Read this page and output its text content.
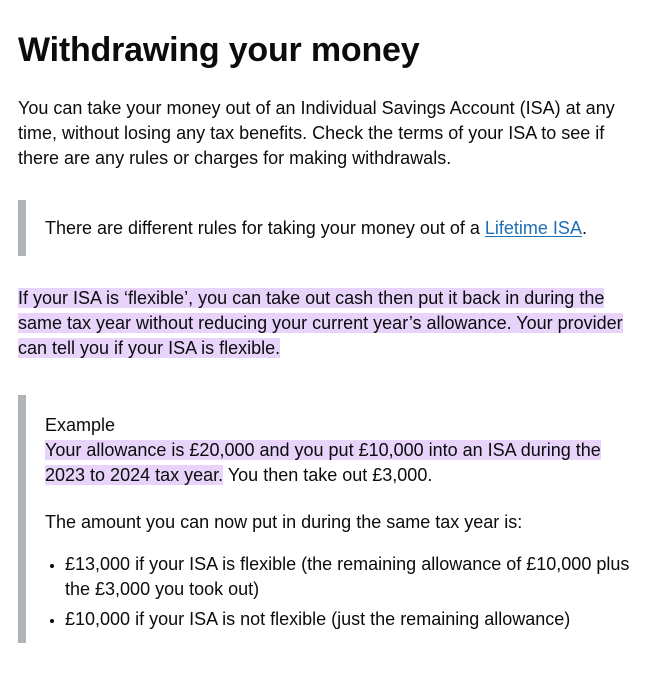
Withdrawing your money

You can take your money out of an Individual Savings Account (ISA) at any time, without losing any tax benefits. Check the terms of your ISA to see if there are any rules or charges for making withdrawals.

There are different rules for taking your money out of a Lifetime ISA.

If your ISA is ‘flexible’, you can take out cash then put it back in during the same tax year without reducing your current year’s allowance. Your provider can tell you if your ISA is flexible.

Example

Your allowance is £20,000 and you put £10,000 into an ISA during the 2023 to 2024 tax year. You then take out £3,000.

The amount you can now put in during the same tax year is:

• £13,000 if your ISA is flexible (the remaining allowance of £10,000 plus the £3,000 you took out)
• £10,000 if your ISA is not flexible (just the remaining allowance)
